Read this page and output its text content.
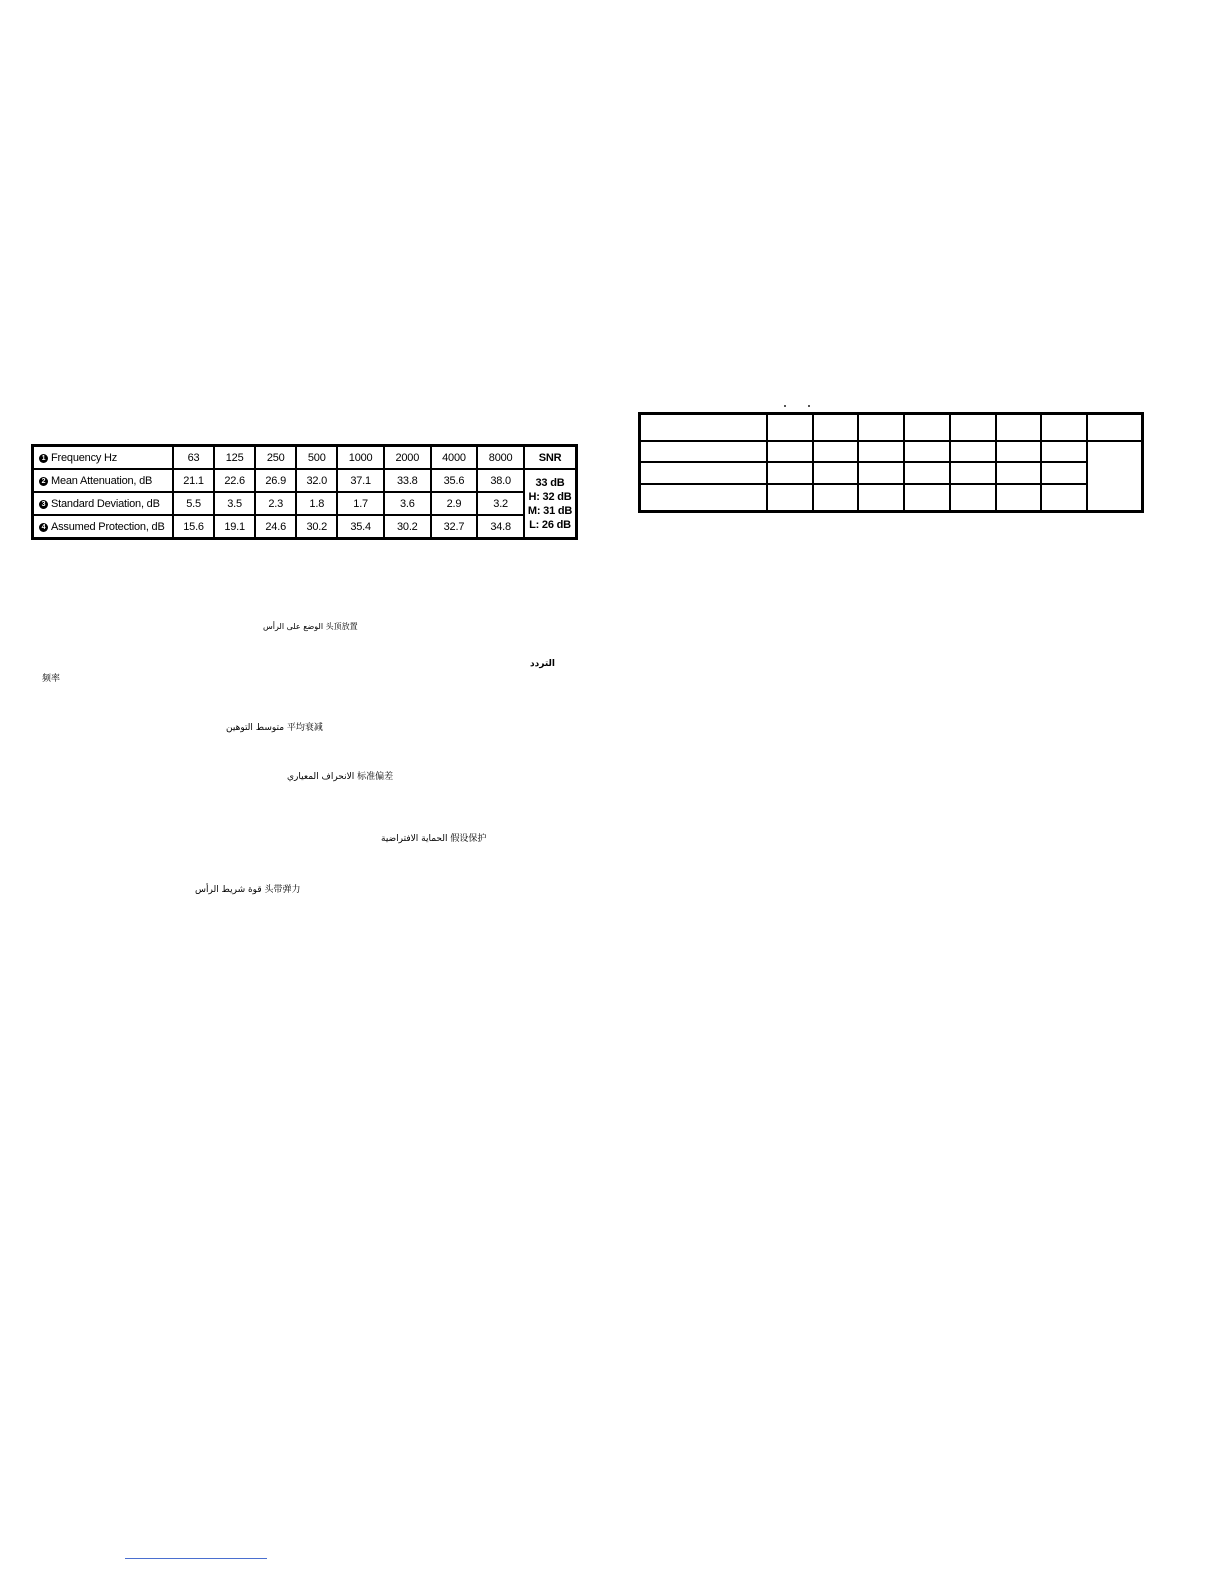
1 Frequency Hz	63	125	250	500	1000	2000	4000	8000	SNR
2 Mean Attenuation, dB	21.1	22.6	26.9	32.0	37.1	33.8	35.6	38.0	33 dB
H: 32 dB
M: 31 dB
L: 26 dB

3 Standard Deviation, dB	5.5	3.5	2.3	1.8	1.7	3.6	2.9	3.2	
4 Assumed Protection, dB	15.6	19.1	24.6	30.2	35.4	30.2	32.7	34.8	

الوضع على الرأس 头顶放置
التردد
频率
متوسط التوهين 平均衰减
الانحراف المعياري 标准偏差
الحماية الافتراضية 假设保护
قوة شريط الرأس 头带弹力
